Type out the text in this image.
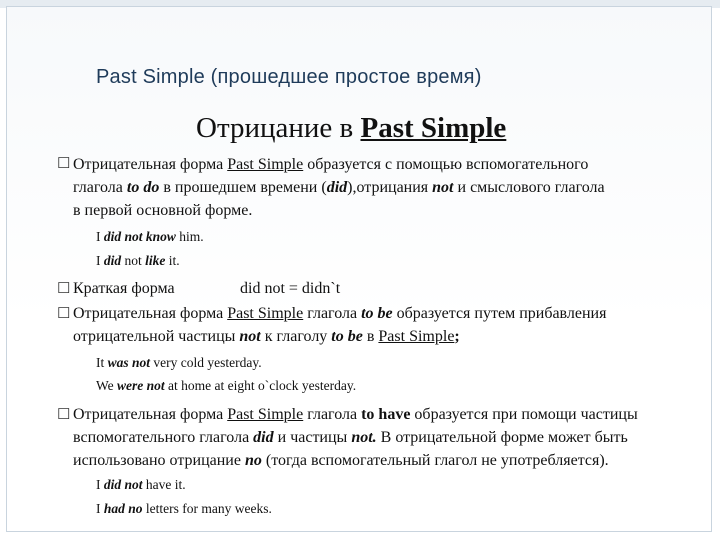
Past Simple (прошедшее простое время)
Отрицание в Past Simple
☐ Отрицательная форма Past Simple образуется с помощью вспомогательного
глагола to do в прошедшем времени (did),отрицания not и смыслового глагола
в первой основной форме.
I did not know him.
I did not like it.
☐ Краткая форма	did not = didn`t
☐ Отрицательная форма Past Simple глагола to be образуется путем прибавления
отрицательной частицы not к глаголу to be в Past Simple;
It was not very cold yesterday.
We were not at home at eight o`clock yesterday.
☐ Отрицательная форма Past Simple глагола to have образуется при помощи частицы
вспомогательного глагола did и частицы not. В отрицательной форме может быть
использовано отрицание no (тогда вспомогательный глагол не употребляется).
I did not have it.
I had no letters for many weeks.
